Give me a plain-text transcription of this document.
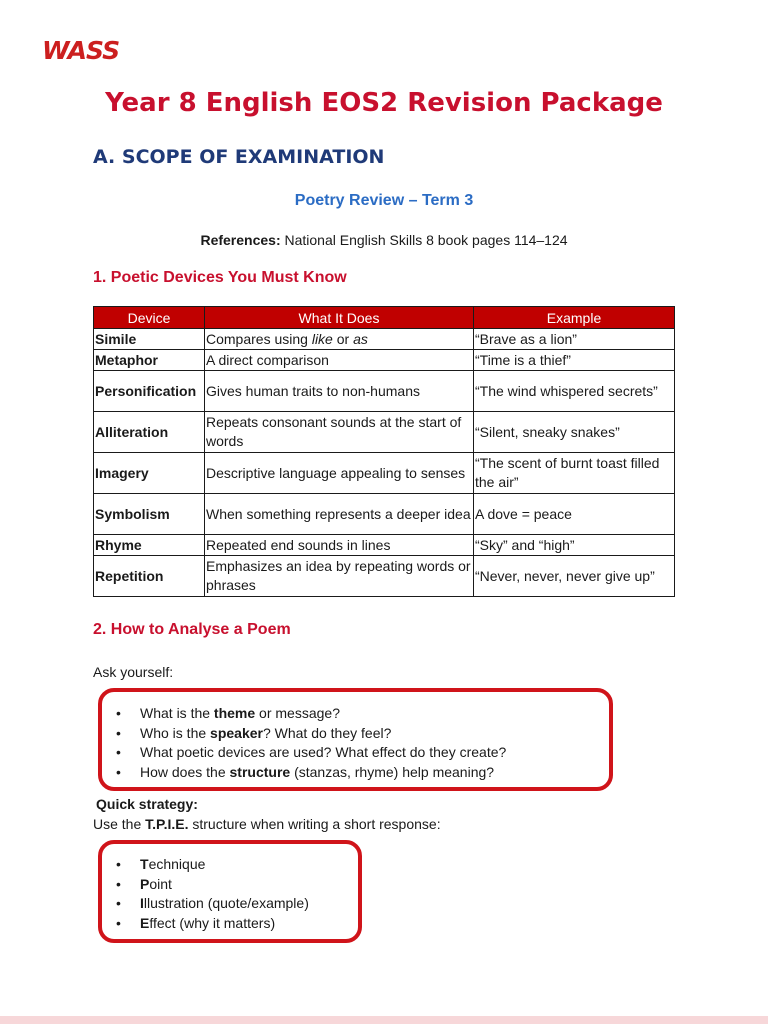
WASS
Year 8 English EOS2 Revision Package
A. SCOPE OF EXAMINATION
Poetry Review – Term 3
References: National English Skills 8 book pages 114–124
1. Poetic Devices You Must Know
Device	What It Does	Example
Simile	Compares using like or as	“Brave as a lion”
Metaphor	A direct comparison	“Time is a thief”
Personification	Gives human traits to non-humans	“The wind whispered secrets”
Alliteration	Repeats consonant sounds at the start of words	“Silent, sneaky snakes”
Imagery	Descriptive language appealing to senses	“The scent of burnt toast filled the air”
Symbolism	When something represents a deeper idea	A dove = peace
Rhyme	Repeated end sounds in lines	“Sky” and “high”
Repetition	Emphasizes an idea by repeating words or phrases	“Never, never, never give up”
2. How to Analyse a Poem
Ask yourself:
• What is the theme or message?
• Who is the speaker? What do they feel?
• What poetic devices are used? What effect do they create?
• How does the structure (stanzas, rhyme) help meaning?
Quick strategy:
Use the T.P.I.E. structure when writing a short response:
• Technique
• Point
• Illustration (quote/example)
• Effect (why it matters)
